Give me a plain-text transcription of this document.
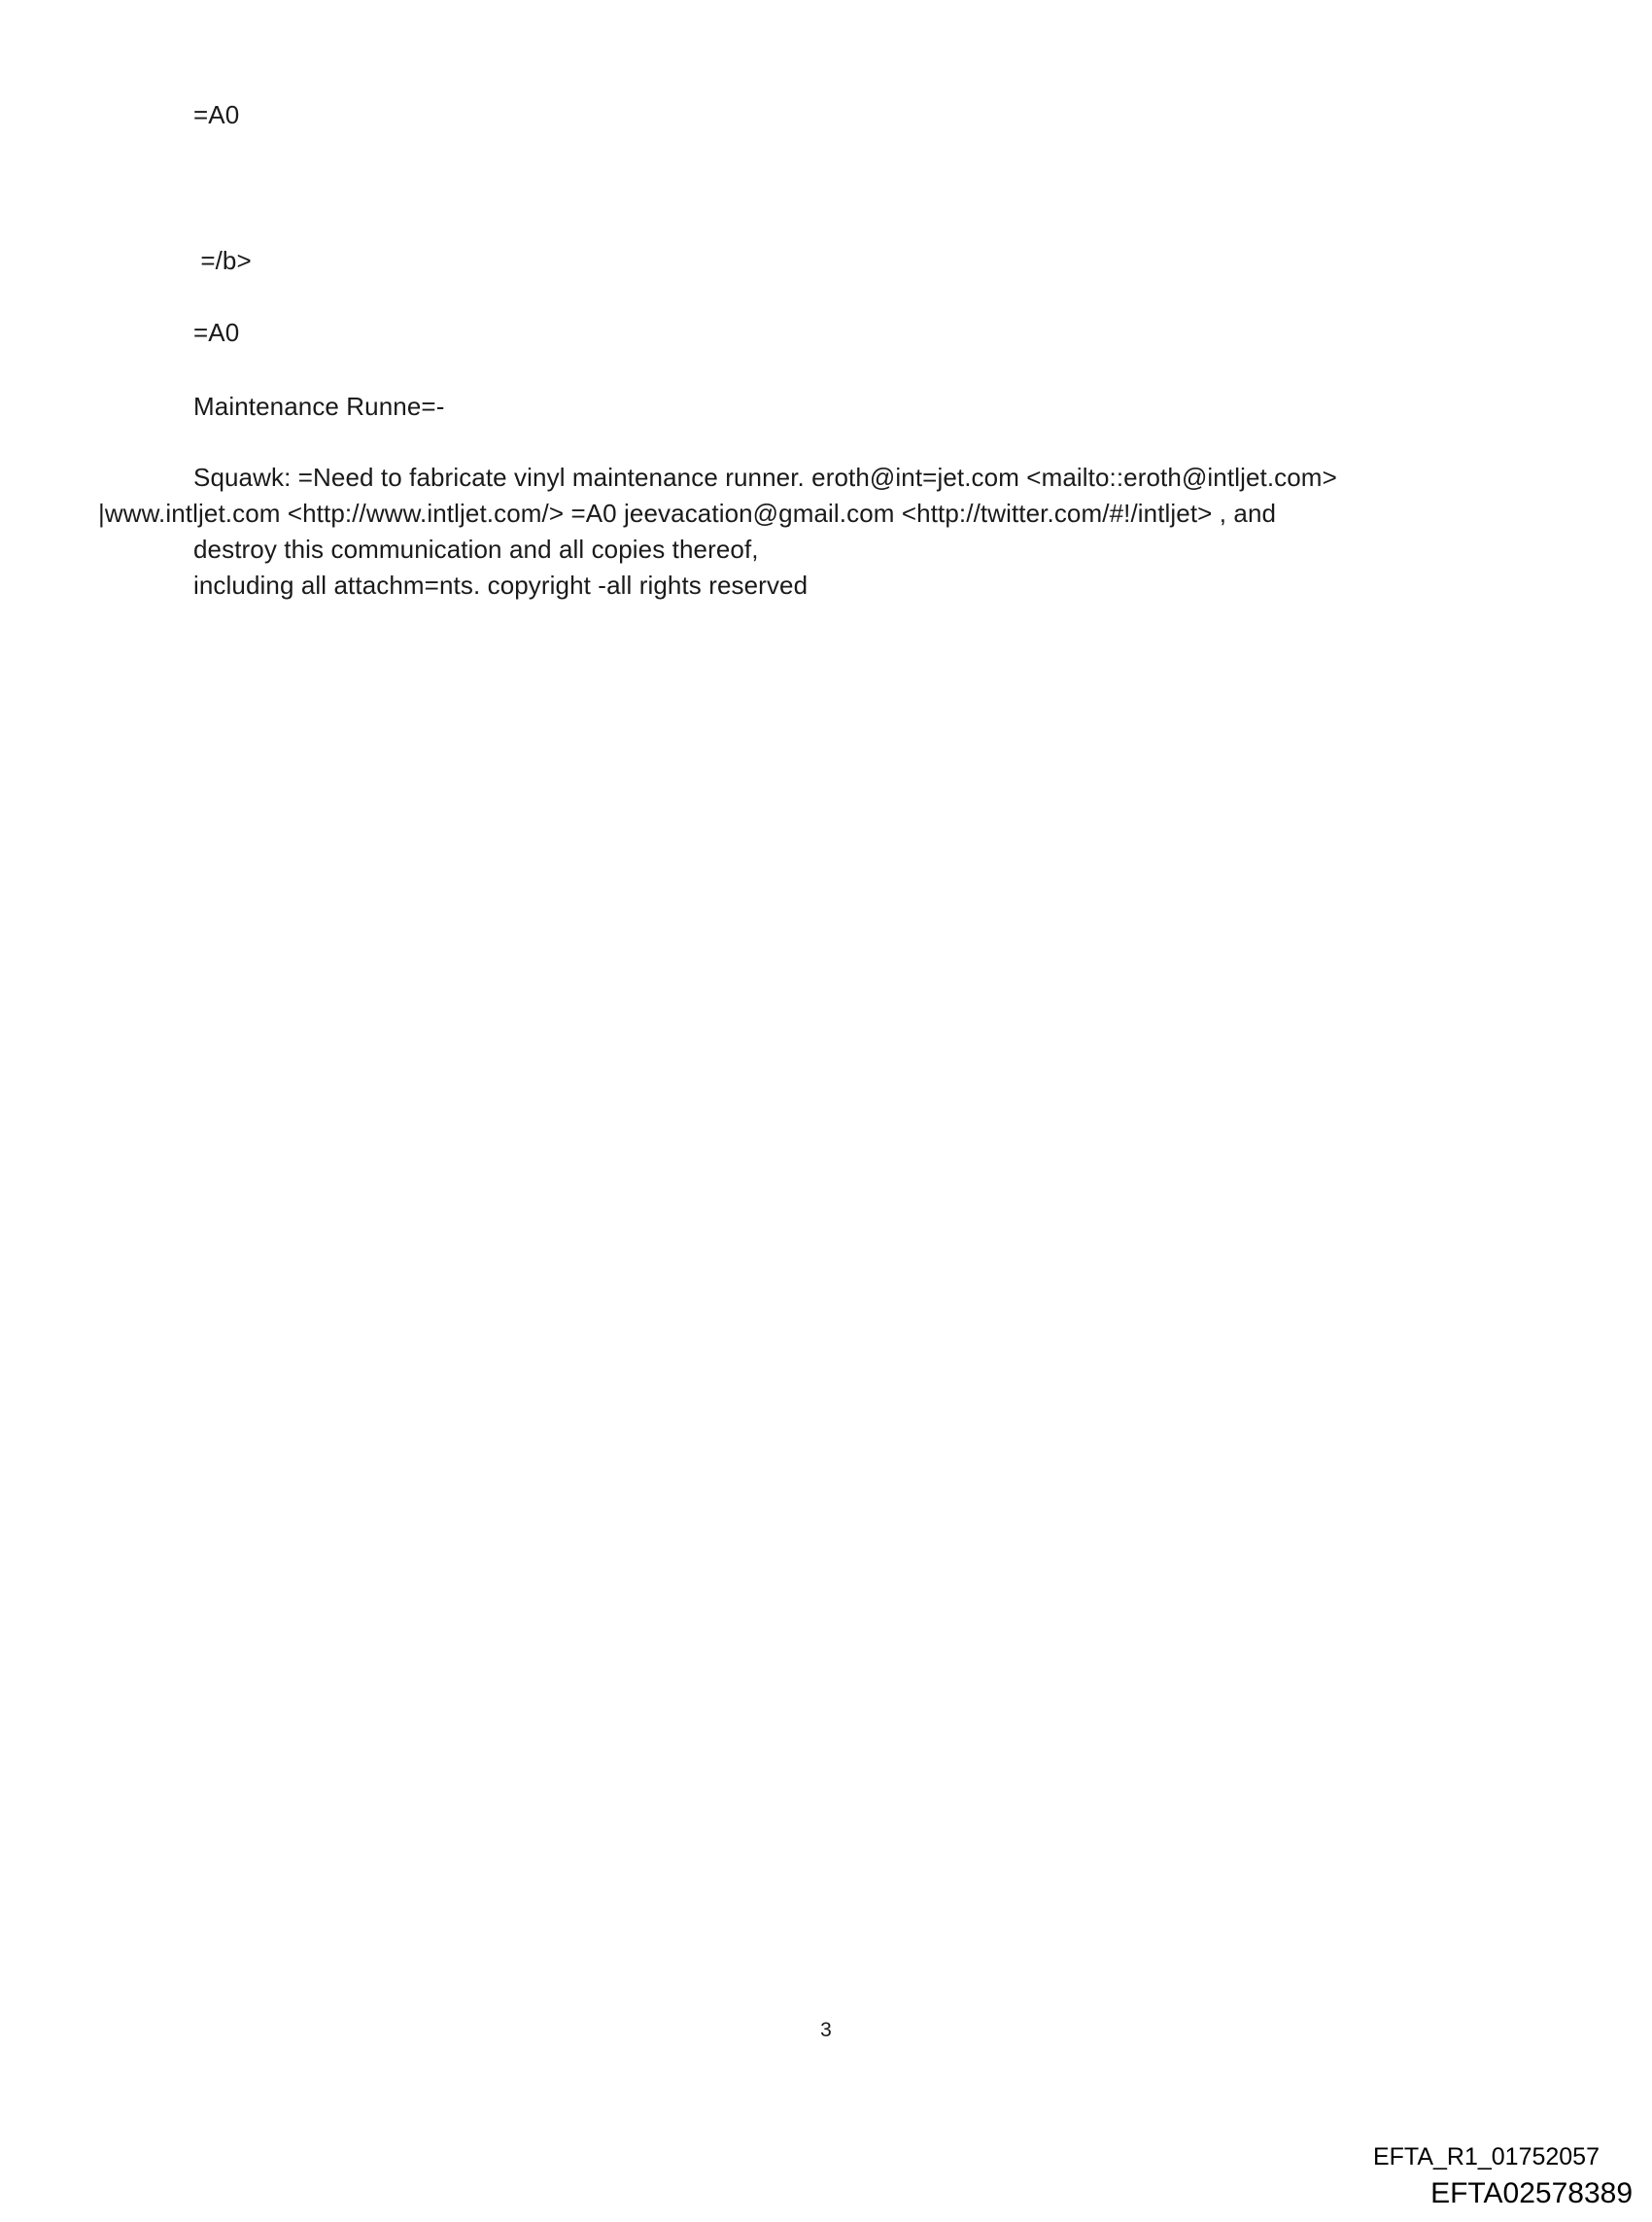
=A0
=/b>
=A0
Maintenance Runne=-
Squawk: =Need to fabricate vinyl maintenance runner. eroth@int=jet.com <mailto::eroth@intljet.com>
|www.intljet.com <http://www.intljet.com/> =A0 jeevacation@gmail.com <http://twitter.com/#!/intljet> , and
destroy this communication and all copies thereof,
including all attachm=nts. copyright -all rights reserved
3
EFTA_R1_01752057
EFTA02578389
